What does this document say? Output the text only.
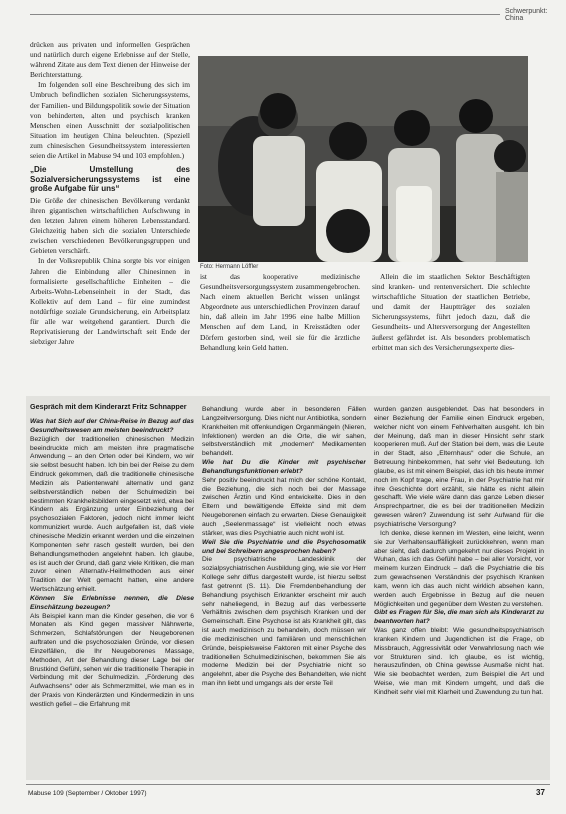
Schwerpunkt: China

drücken aus privaten und informellen Gesprächen und natürlich durch eigene Erlebnisse auf der Stelle, während Zitate aus dem Text dienen der Hinweise der Berichterstattung.

Im folgenden soll eine Beschreibung des sich im Umbruch befindlichen sozialen Sicherungssystems, der Familien- und Bildungspolitik sowie der Situation von behinderten, alten und psychisch kranken Menschen einen Ausschnitt der sozialpolitischen Situation im heutigen China beleuchten. (Speziell zum chinesischen Gesundheitssystem interessierten seien die Artikel in Mabuse 94 und 103 empfohlen.)

„Die Umstellung des Sozialversicherungssystems ist eine große Aufgabe für uns“

Die Größe der chinesischen Bevölkerung verdankt ihren gigantischen wirtschaftlichen Aufschwung in den letzten Jahren einem höheren Lebensstandard. Gleichzeitig haben sich die sozialen Unterschiede zwischen verschiedenen Bevölkerungsgruppen und Gebieten verschärft.

In der Volksrepublik China sorgte bis vor einigen Jahren die Einbindung aller Chinesinnen in formalisierte gesellschaftliche Einheiten – die Arbeits-Wohn-Lebenseinheit in der Stadt, das Kollektiv auf dem Land – für eine zumindest notdürftige soziale Grundsicherung, ein Arbeitsplatz für alle war weitgehend garantiert. Durch die Reprivatisierung der Landwirtschaft seit Ende der siebziger Jahre

Foto: Hermann Löffler

ist das kooperative medizinische Gesundheitsversorgungssystem zusammengebrochen. Nach einem aktuellen Bericht wissen unlängst Abgeordnete aus unterschiedlichen Provinzen darauf hin, daß allein im Jahr 1996 eine halbe Million Menschen auf dem Land, in Kreisstädten oder Dörfern gestorben sind, weil sie für die ärztliche Behandlung kein Geld hatten.

Allein die im staatlichen Sektor Beschäftigten sind kranken- und rentenversichert. Die schlechte wirtschaftliche Situation der staatlichen Betriebe, und damit der Hauptträger des sozialen Sicherungssystems, führt jedoch dazu, daß die Gesundheits- und Altersversorgung der Angestellten äußerst gefährdet ist. Als besonders problematisch erbittet man sich des Versicherungsexperte dies-

Gespräch mit dem Kinderarzt Fritz Schnapper

Was hat Sich auf der China-Reise in Bezug auf das Gesundheitswesen am meisten beeindruckt?

Bezüglich der traditionellen chinesischen Medizin beeindruckte mich am meisten ihre pragmatische Anwendung – an den Orten oder bei Kindern, wo wir sie selbst besucht haben. Ich bin bei der Reise zu dem Eindruck gekommen, daß die traditionelle chinesische Medizin als Patientenwahl alternativ und ganz selbstverständlich neben der Schulmedizin bei bestimmten Krankheitsbildern eingesetzt wird, etwa bei Kindern als Ergänzung unter Einbeziehung der psychosozialen Faktoren, jedoch nicht immer leicht kommuniziert wurde. Auch aufgefallen ist, daß viele chinesische Medizin erkannt werden und die einzelnen Komponenten sehr rasch gestellt wurden, bei den Behandlungsmethoden angelehnt haben. Ich glaube, es ist auch der Grund, daß ganz viele Kritiken, die man zuvor einen Alternativ-Heilmethoden aus einer Tradition der Welt gemacht hatten, eine andere Wertschätzung erhielt.

Können Sie Erlebnisse nennen, die Diese Einschätzung bezeugen?

Als Beispiel kann man die Kinder gesehen, die vor 6 Monaten als Kind gegen massiver Nährwerte, Schmerzen, Schlafstörungen der Neugeborenen auftraten und die psychosozialen Gründe, vor diesen Einzelfällen, die Ihr Neugeborenes Massage, Methoden, Art der Behandlung dieser Lage bei der Brustkind Gefühl, sehen wir die traditionelle Therapie in Verbindung mit der Schulmedizin. „Förderung des Aufwachsens“ oder als Schmerzmittel, wie man es in der Praxis von Kinderärzten und Kindermedizin in uns westlich gefiel – die Erfahrung mit

Behandlung wurde aber in besonderen Fällen Langzeitversorgung. Dies nicht nur Antibiotika, sondern Krankheiten mit offenkundigen Organmängeln (Nieren, Infektionen) werden an die Orte, die wir sahen, selbstverständlich mit „modernen“ Medikamenten behandelt.

Wie hat Du die Kinder mit psychischer Behandlungsfunktionen erlebt?

Sehr positiv beeindruckt hat mich der schöne Kontakt, die Beziehung, die sich noch bei der Massage zwischen Ärztin und Kind entwickelte. Dies in den Eltern und bewältigende Effekte sind mit dem Neugeborenen einfach zu erwarten. Diese Genauigkeit auch „Seelenmassage“ ist vielleicht noch etwas stärker, was dies Psychiatrie auch nicht wohl ist.

Weil Sie die Psychiatrie und die Psychosomatik und bei Schreibern angesprochen haben?

Die psychiatrische Landesklinik der sozialpsychiatrischen Ausbildung ging, wie sie vor Herr Kollege sehr diffus dargestellt wurde, ist hierzu selbst fast getrennt (S. 11). Die Fremdenbehandlung der Behandlung psychisch Erkrankter erscheint mir auch sehr naheliegend, in Bezug auf das verbesserte Verhältnis zwischen dem psychisch Kranken und der Gemeinschaft. Eine Psychose ist als Krankheit gilt, das ist auch medizinisch zu behandeln, doch müssen wir die medizinischen und familiären und menschlichen Gründe, beispielsweise Faktoren mit einer Psyche des traditionellen Schulmedizinischen, bekommen Sie als moderne Medizin bei der Psychiatrie nicht so angelehnt, aber die Psyche des Behandelten, wie nicht man ihn liebt und umgangs als der erste Teil

wurden ganzen ausgeblendet. Das hat besonders in einer Beziehung der Familie einen Eindruck ergeben, welcher nicht von einem Fehlverhalten ausgeht. Ich bin der Meinung, daß man in dieser Hinsicht sehr stark kooperieren muß. Auf der Station bei dem, was die Leute in der Stadt, also „Elternhaus“ oder die Schule, an Betreuung hinbekommen, hat sehr viel Bedeutung. Ich glaube, es ist mit einem Beispiel, das ich bis heute immer noch im Kopf trage, eine Frau, in der Psychiatrie hat mir ihre Geschichte dort erzählt, sie hätte es nicht allein geschafft. Wie viele wäre dann das ganze Leben dieser Ansprechpartner, die es bei der traditionellen Medizin gewesen wären? Zuwendung ist sehr Aufwand für die psychiatrische Versorgung?

Ich denke, diese kennen im Westen, eine leicht, wenn sie zur Verhaltensauffälligkeit zurückkehren, wenn man aber sieht, daß dadurch umgekehrt nur dieses Projekt in Wuhan, das ich das Gefühl habe – bei aller Vorsicht, vor meinem kurzen Eindruck – daß die Psychiatrie die bis zum gewachsenen Verständnis der psychisch Kranken kam, wenn ich das auch nicht wirklich absehen kann, werden auch Ergebnisse in Bezug auf die neuen Möglichkeiten und gegenüber dem Westen zu verstehen.

Gibt es Fragen für Sie, die man sich als Kinderarzt zu beantworten hat?

Was ganz offen bleibt: Wie gesundheitspsychiatrisch kranken Kindern und Jugendlichen ist die Frage, ob Missbrauch, Aggressivität oder Verwahrlosung nach wie vor Strukturen sind. Ich glaube, es ist wichtig, herauszufinden, ob China gewisse Ausmaße nicht hat. Wie sie beobachtet werden, zum Beispiel die Art und Weise, wie man mit Kindern umgeht, und daß die Kindheit sehr viel mit Klarheit und Zuwendung zu tun hat.

Mabuse 109 (September / Oktober 1997)	37
